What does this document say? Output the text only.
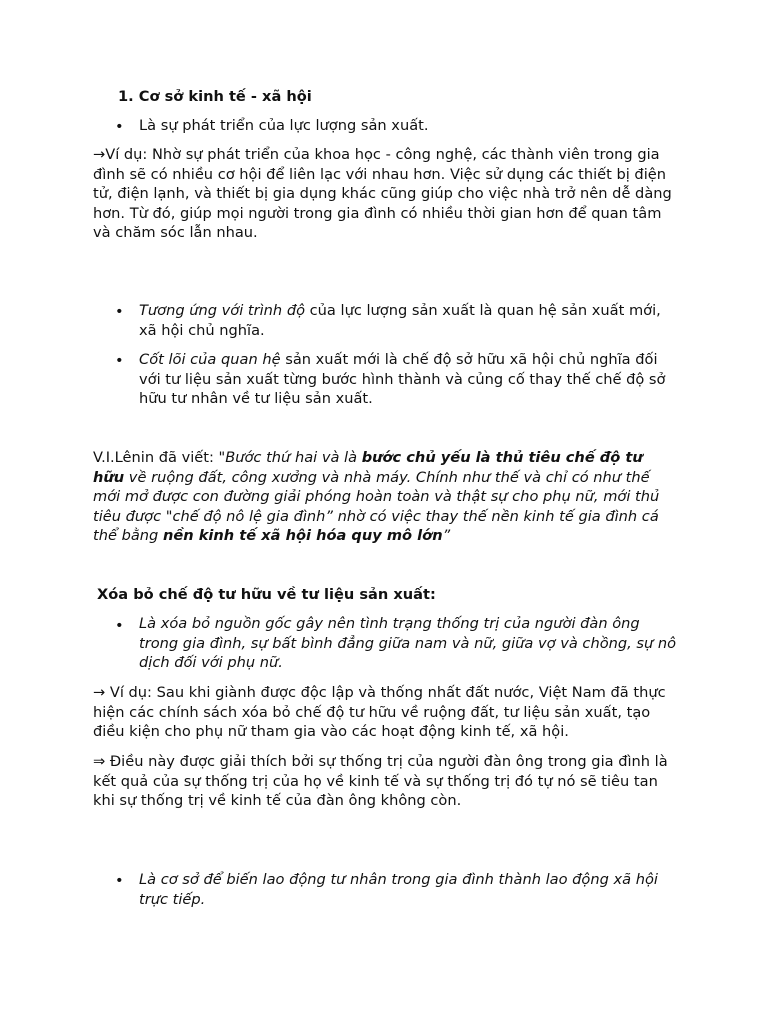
1. Cơ sở kinh tế - xã hội

• Là sự phát triển của lực lượng sản xuất.

→Ví dụ: Nhờ sự phát triển của khoa học - công nghệ, các thành viên trong gia đình sẽ có nhiều cơ hội để liên lạc với nhau hơn. Việc sử dụng các thiết bị điện tử, điện lạnh, và thiết bị gia dụng khác cũng giúp cho việc nhà trở nên dễ dàng hơn. Từ đó, giúp mọi người trong gia đình có nhiều thời gian hơn để quan tâm và chăm sóc lẫn nhau.

• Tương ứng với trình độ của lực lượng sản xuất là quan hệ sản xuất mới, xã hội chủ nghĩa.

• Cốt lõi của quan hệ sản xuất mới là chế độ sở hữu xã hội chủ nghĩa đối với tư liệu sản xuất từng bước hình thành và củng cố thay thế chế độ sở hữu tư nhân về tư liệu sản xuất.

V.I.Lênin đã viết: "Bước thứ hai và là bước chủ yếu là thủ tiêu chế độ tư hữu về ruộng đất, công xưởng và nhà máy. Chính như thế và chỉ có như thế mới mở được con đường giải phóng hoàn toàn và thật sự cho phụ nữ, mới thủ tiêu được "chế độ nô lệ gia đình” nhờ có việc thay thế nền kinh tế gia đình cá thể bằng nền kinh tế xã hội hóa quy mô lớn”

Xóa bỏ chế độ tư hữu về tư liệu sản xuất:

• Là xóa bỏ nguồn gốc gây nên tình trạng thống trị của người đàn ông trong gia đình, sự bất bình đẳng giữa nam và nữ, giữa vợ và chồng, sự nô dịch đối với phụ nữ.

→ Ví dụ: Sau khi giành được độc lập và thống nhất đất nước, Việt Nam đã thực hiện các chính sách xóa bỏ chế độ tư hữu về ruộng đất, tư liệu sản xuất, tạo điều kiện cho phụ nữ tham gia vào các hoạt động kinh tế, xã hội.

⇒ Điều này được giải thích bởi sự thống trị của người đàn ông trong gia đình là kết quả của sự thống trị của họ về kinh tế và sự thống trị đó tự nó sẽ tiêu tan khi sự thống trị về kinh tế của đàn ông không còn.

• Là cơ sở để biến lao động tư nhân trong gia đình thành lao động xã hội trực tiếp.
